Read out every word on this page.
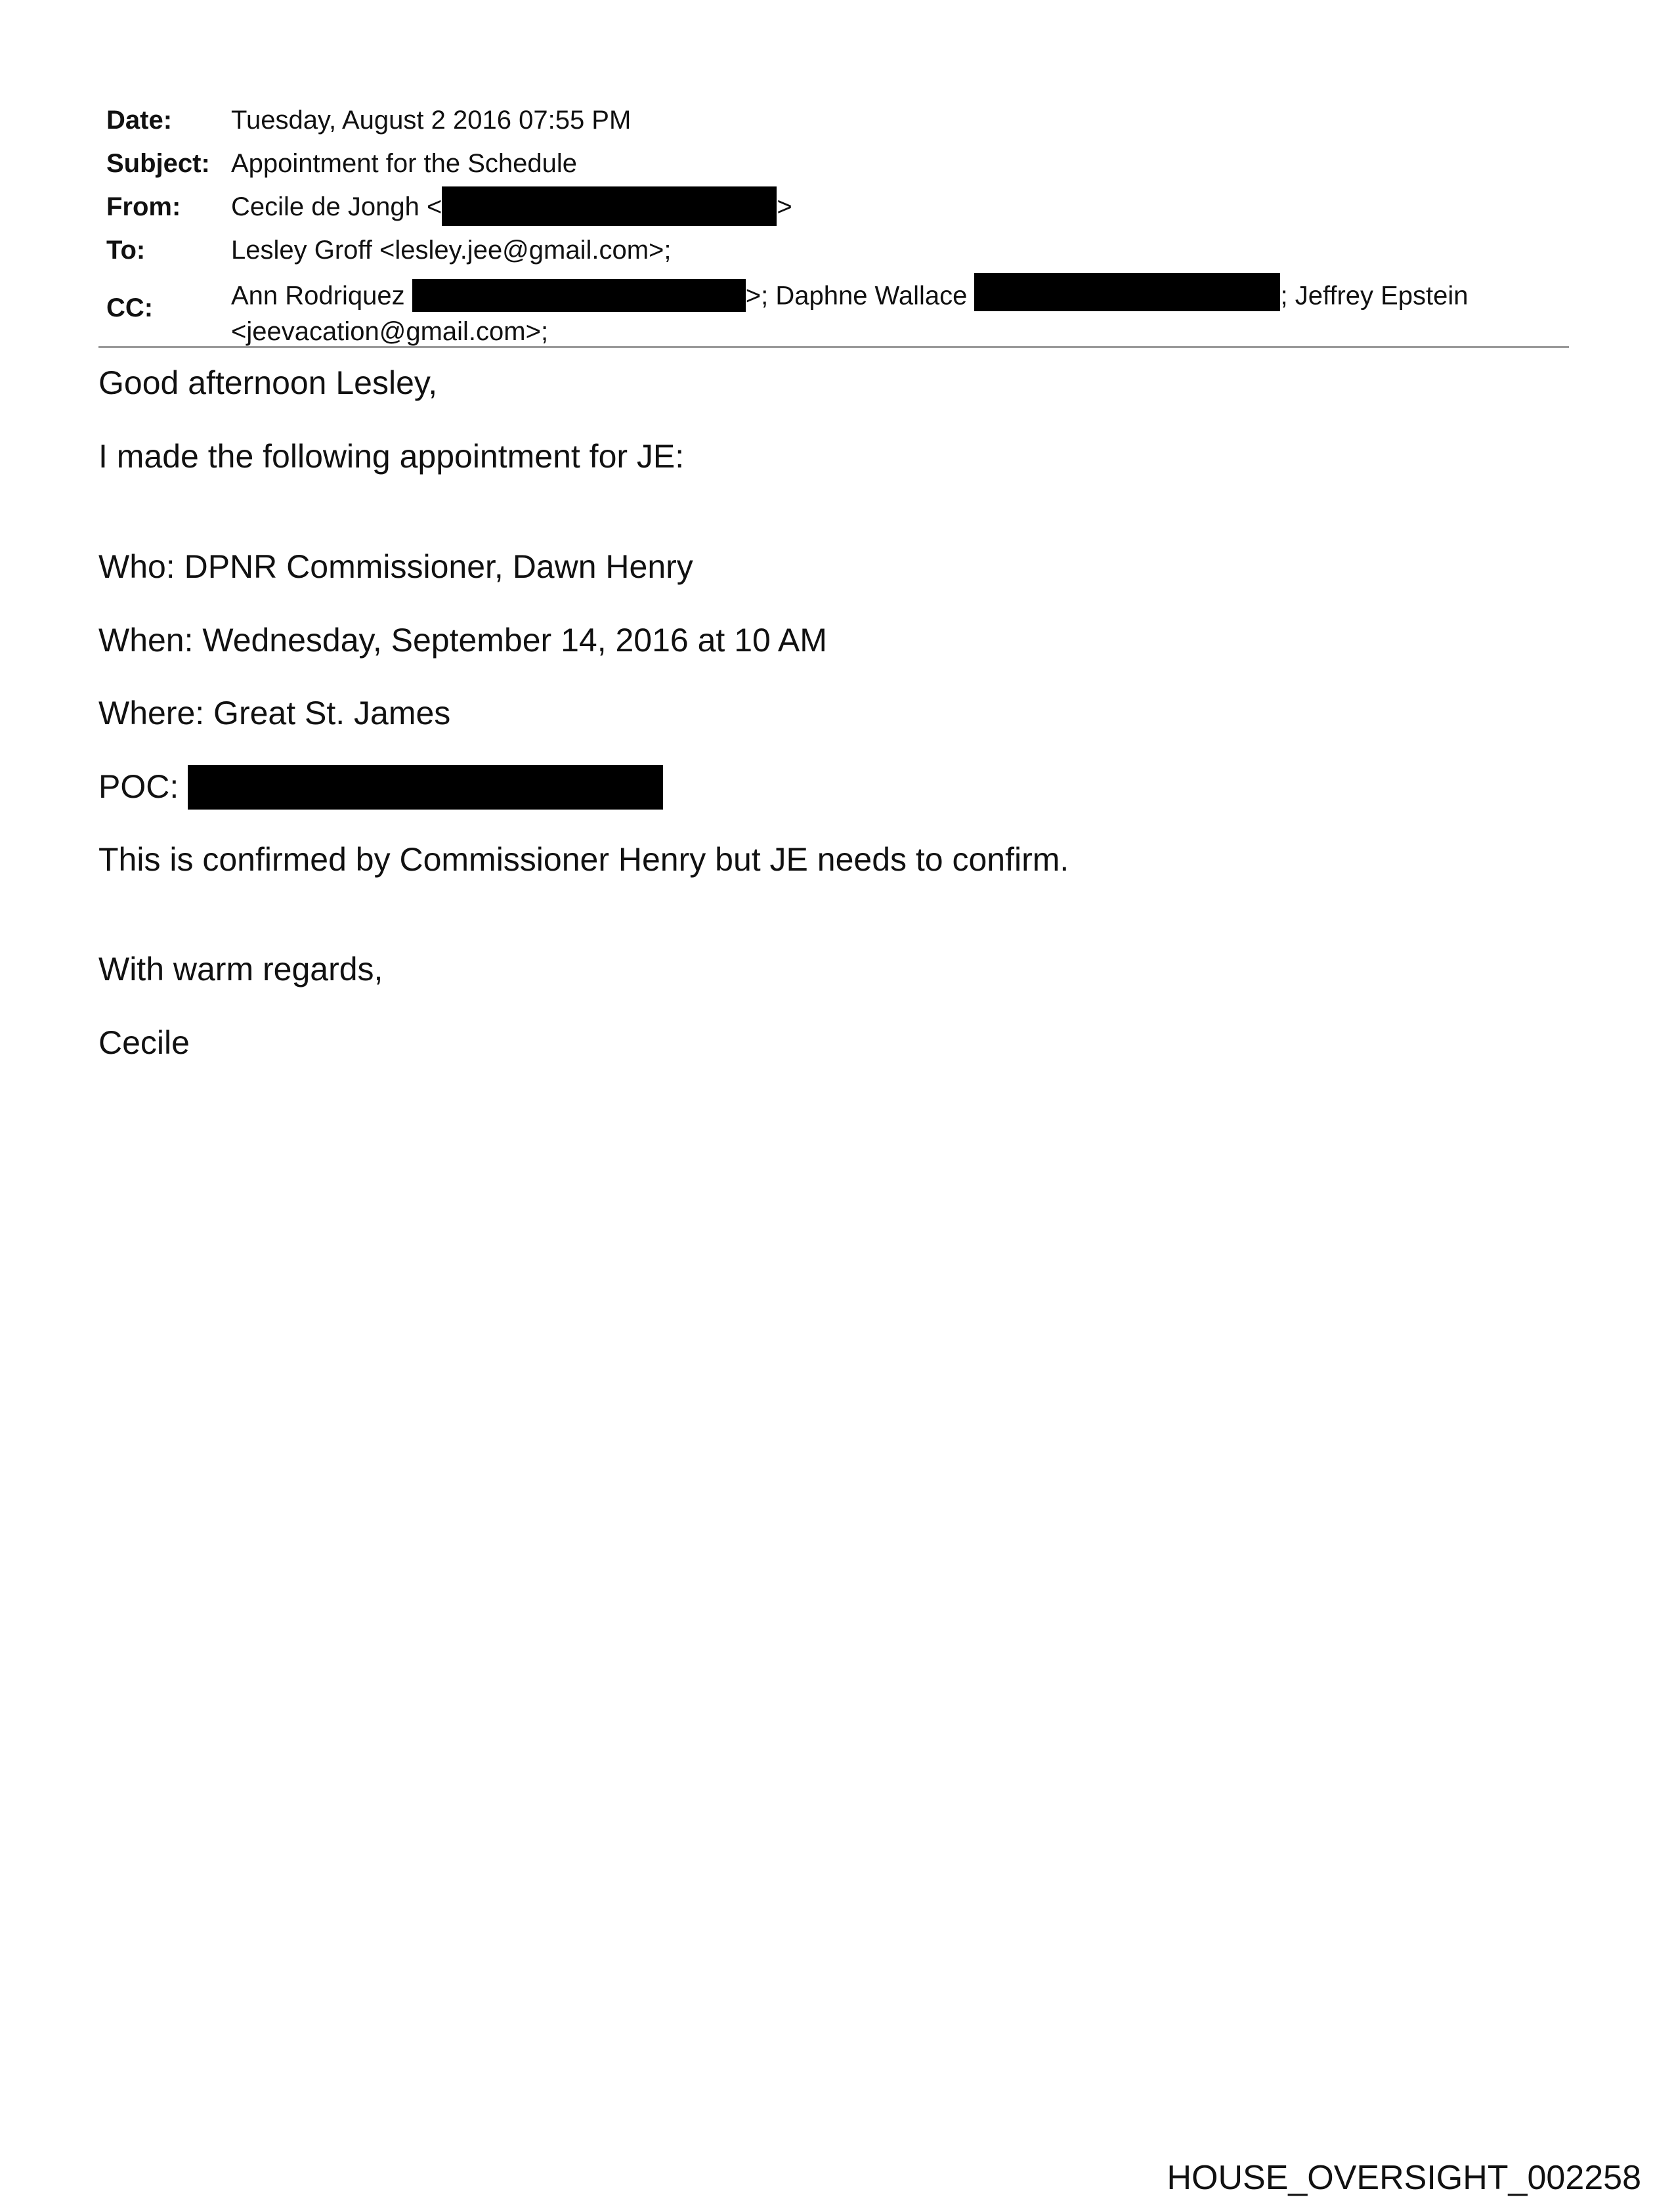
Date: Tuesday, August 2 2016 07:55 PM
Subject: Appointment for the Schedule
From: Cecile de Jongh <	>
To:	Lesley Groff <lesley.jee@gmail.com>;
CC:	Ann Rodriquez	>; Daphne Wallace	; Jeffrey Epstein
<jeevacation@gmail.com>;
Good afternoon Lesley,
I made the following appointment for JE:
Who: DPNR Commissioner, Dawn Henry
When: Wednesday, September 14, 2016 at 10 AM
Where: Great St. James
POC:
This is confirmed by Commissioner Henry but JE needs to confirm.
With warm regards,
Cecile
HOUSE_OVERSIGHT_002258
